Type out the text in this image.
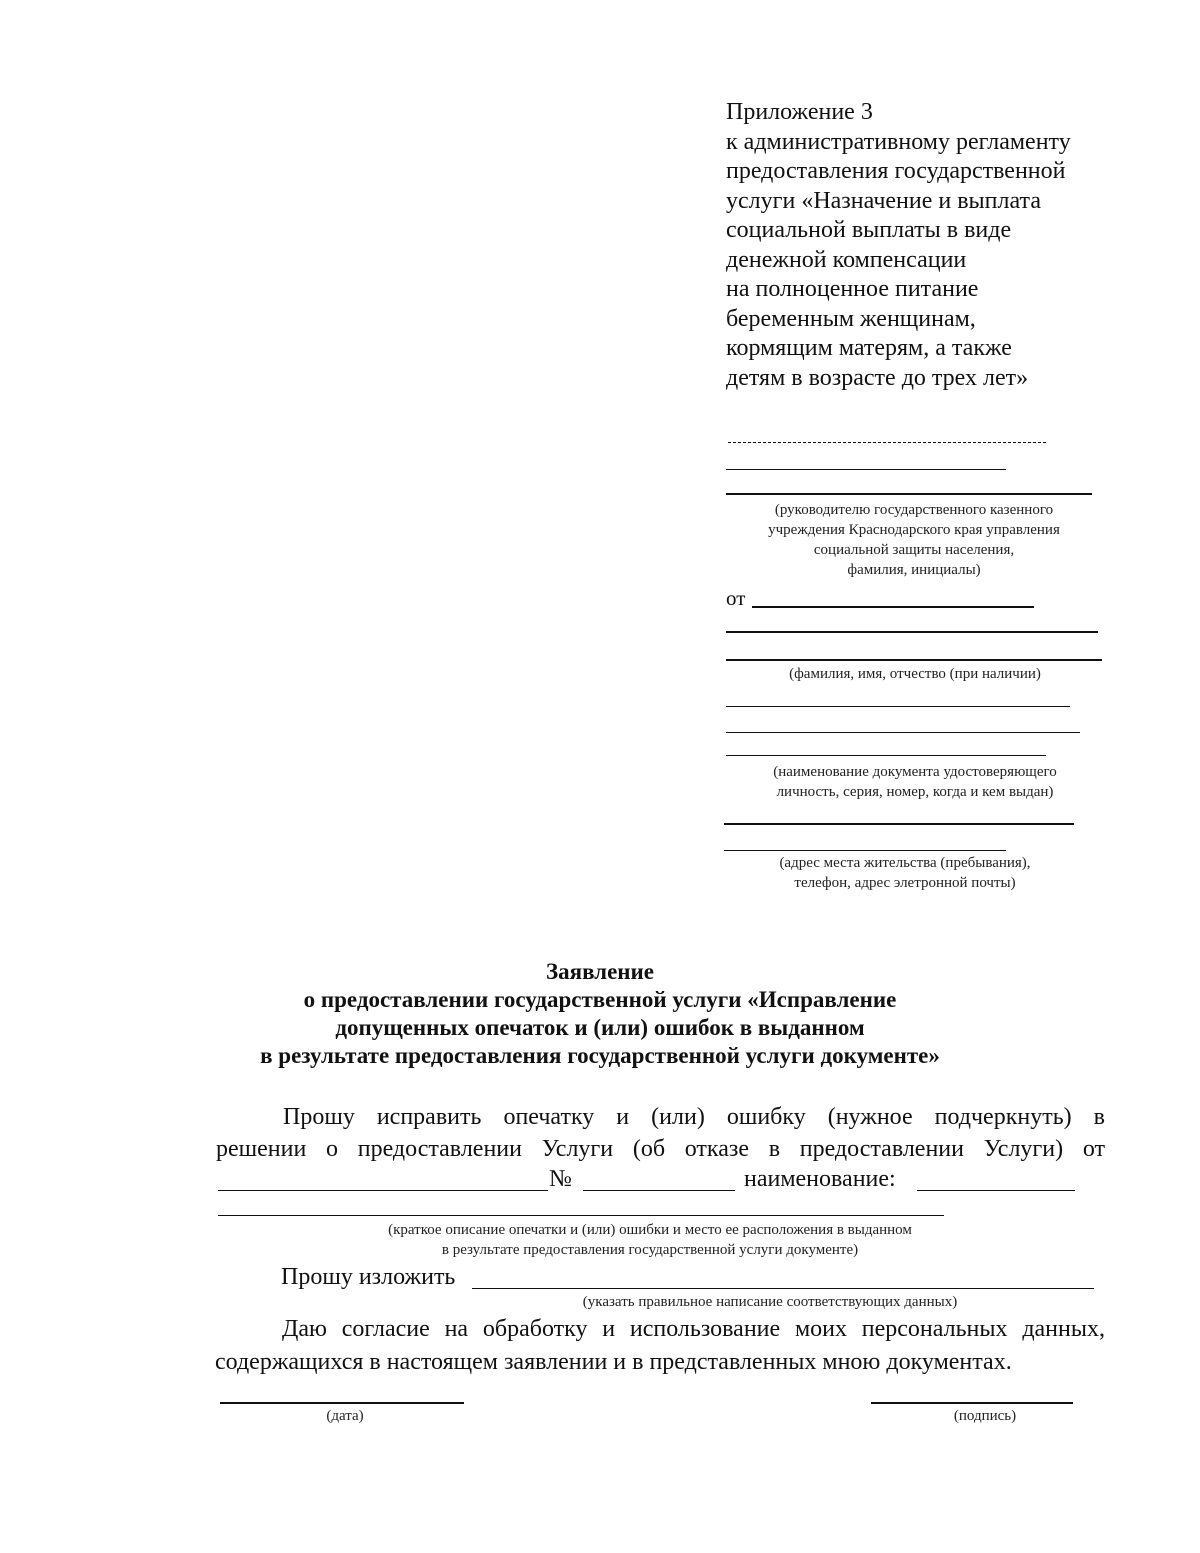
Приложение 3
к административному регламенту
предоставления государственной
услуги «Назначение и выплата
социальной выплаты в виде
денежной компенсации
на полноценное питание
беременным женщинам,
кормящим матерям, а также
детям в возрасте до трех лет»
(руководителю государственного казенного
учреждения Краснодарского края управления
социальной защиты населения,
фамилия, инициалы)
от
(фамилия, имя, отчество (при наличии)
(наименование документа удостоверяющего
личность, серия, номер, когда и кем выдан)
(адрес места жительства (пребывания),
телефон, адрес элетронной почты)
Заявление
о предоставлении государственной услуги «Исправление
допущенных опечаток и (или) ошибок в выданном
в результате предоставления государственной услуги документе»
Прошу исправить опечатку и (или) ошибку (нужное подчеркнуть) в
решении о предоставлении Услуги (об отказе в предоставлении Услуги) от
№	наименование:
(краткое описание опечатки и (или) ошибки и место ее расположения в выданном
в результате предоставления государственной услуги документе)
Прошу изложить
(указать правильное написание соответствующих данных)
Даю согласие на обработку и использование моих персональных данных,
содержащихся в настоящем заявлении и в представленных мною документах.
(дата)	(подпись)
